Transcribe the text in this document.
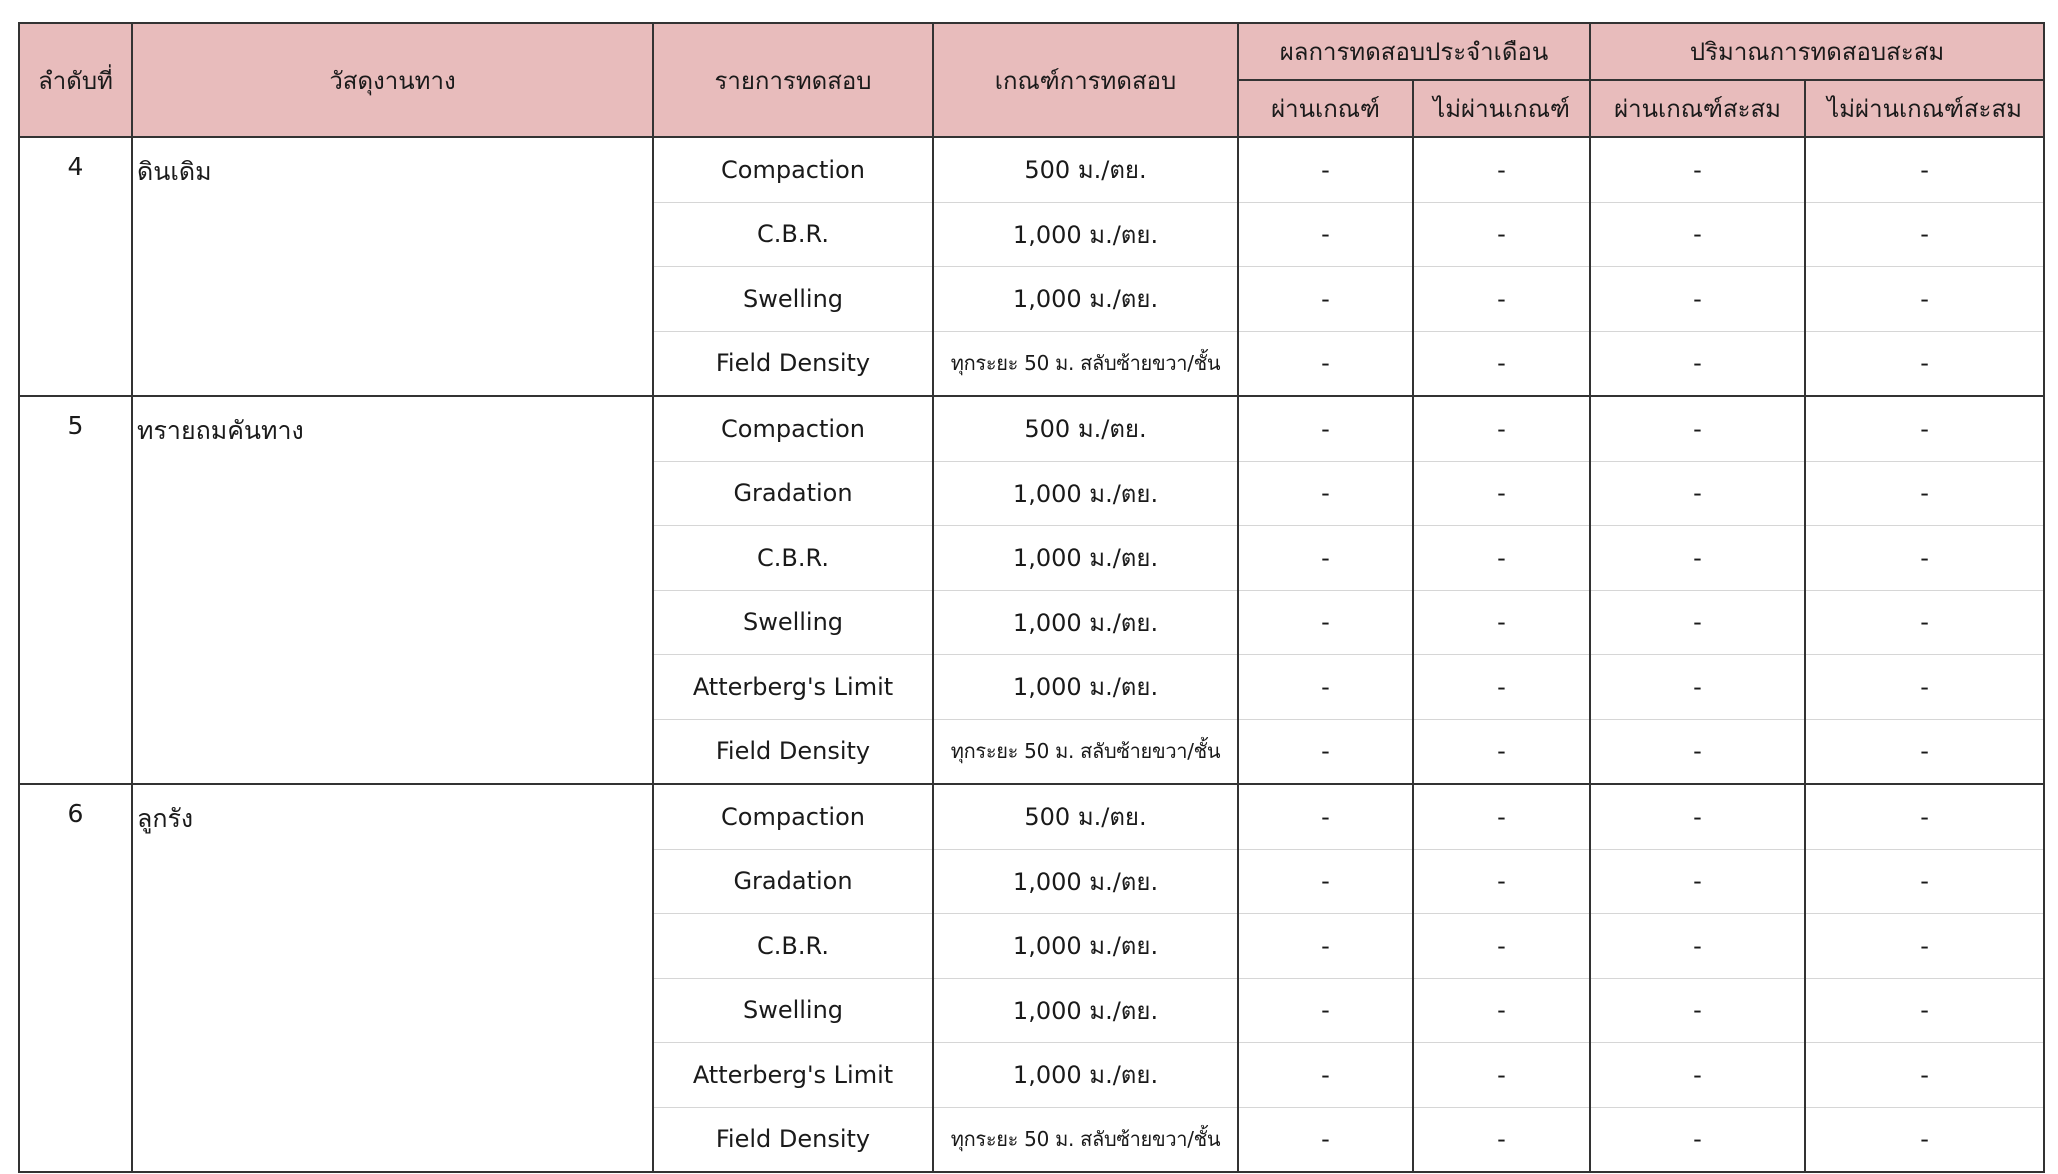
ลำดับที่	วัสดุงานทาง	รายการทดสอบ	เกณฑ์การทดสอบ	ผลการทดสอบประจำเดือน		ปริมาณการทดสอบสะสม	
				ผ่านเกณฑ์	ไม่ผ่านเกณฑ์	ผ่านเกณฑ์สะสม	ไม่ผ่านเกณฑ์สะสม
4	ดินเดิม	Compaction	500 ม./ตย.	-	-	-	-
		C.B.R.	1,000 ม./ตย.	-	-	-	-
		Swelling	1,000 ม./ตย.	-	-	-	-
		Field Density	ทุกระยะ 50 ม. สลับซ้ายขวา/ชั้น	-	-	-	-
5	ทรายถมคันทาง	Compaction	500 ม./ตย.	-	-	-	-
		Gradation	1,000 ม./ตย.	-	-	-	-
		C.B.R.	1,000 ม./ตย.	-	-	-	-
		Swelling	1,000 ม./ตย.	-	-	-	-
		Atterberg's Limit	1,000 ม./ตย.	-	-	-	-
		Field Density	ทุกระยะ 50 ม. สลับซ้ายขวา/ชั้น	-	-	-	-
6	ลูกรัง	Compaction	500 ม./ตย.	-	-	-	-
		Gradation	1,000 ม./ตย.	-	-	-	-
		C.B.R.	1,000 ม./ตย.	-	-	-	-
		Swelling	1,000 ม./ตย.	-	-	-	-
		Atterberg's Limit	1,000 ม./ตย.	-	-	-	-
		Field Density	ทุกระยะ 50 ม. สลับซ้ายขวา/ชั้น	-	-	-	-
